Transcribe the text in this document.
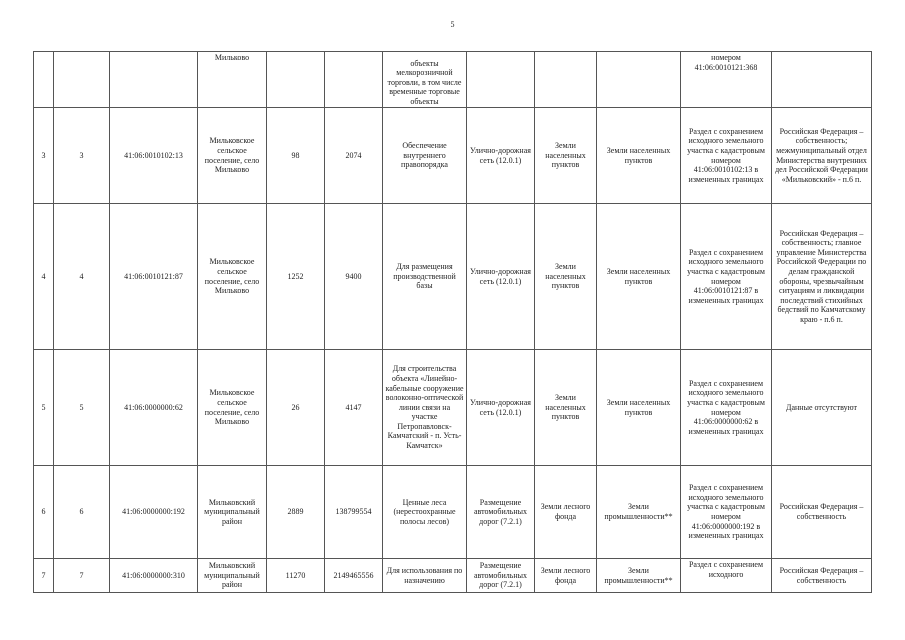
5
			Мильково			объекты мелкорозничной торговли, в том числе временные торговые объекты				номером 41:06:0010121:368	
3	3	41:06:0010102:13	Мильковское сельское поселение, село Мильково	98	2074	Обеспечение внутреннего правопорядка	Улично-дорожная сеть (12.0.1)	Земли населенных пунктов	Земли населенных пунктов	Раздел с сохранением исходного земельного участка с кадастровым номером 41:06:0010102:13 в измененных границах	Российская Федерация – собственность; межмуниципальный отдел Министерства внутренних дел Российской Федерации «Мильковский» - п.6 п.
4	4	41:06:0010121:87	Мильковское сельское поселение, село Мильково	1252	9400	Для размещения производственной базы	Улично-дорожная сеть (12.0.1)	Земли населенных пунктов	Земли населенных пунктов	Раздел с сохранением исходного земельного участка с кадастровым номером 41:06:0010121:87 в измененных границах	Российская Федерация – собственность; главное управление Министерства Российской Федерации по делам гражданской обороны, чрезвычайным ситуациям и ликвидации последствий стихийных бедствий по Камчатскому краю - п.6 п.
5	5	41:06:0000000:62	Мильковское сельское поселение, село Мильково	26	4147	Для строительства объекта «Линейно-кабельные сооружение волоконно-оптической линии связи на участке Петропавловск-Камчатский - п. Усть-Камчатск»	Улично-дорожная сеть (12.0.1)	Земли населенных пунктов	Земли населенных пунктов	Раздел с сохранением исходного земельного участка с кадастровым номером 41:06:0000000:62 в измененных границах	Данные отсутствуют
6	6	41:06:0000000:192	Мильковский муниципальный район	2889	138799554	Ценные леса (нерестоохранные полосы лесов)	Размещение автомобильных дорог (7.2.1)	Земли лесного фонда	Земли промышленности**	Раздел с сохранением исходного земельного участка с кадастровым номером 41:06:0000000:192 в измененных границах	Российская Федерация – собственность
7	7	41:06:0000000:310	Мильковский муниципальный район	11270	2149465556	Для использования по назначению	Размещение автомобильных дорог (7.2.1)	Земли лесного фонда	Земли промышленности**	Раздел с сохранением исходного	Российская Федерация – собственность
